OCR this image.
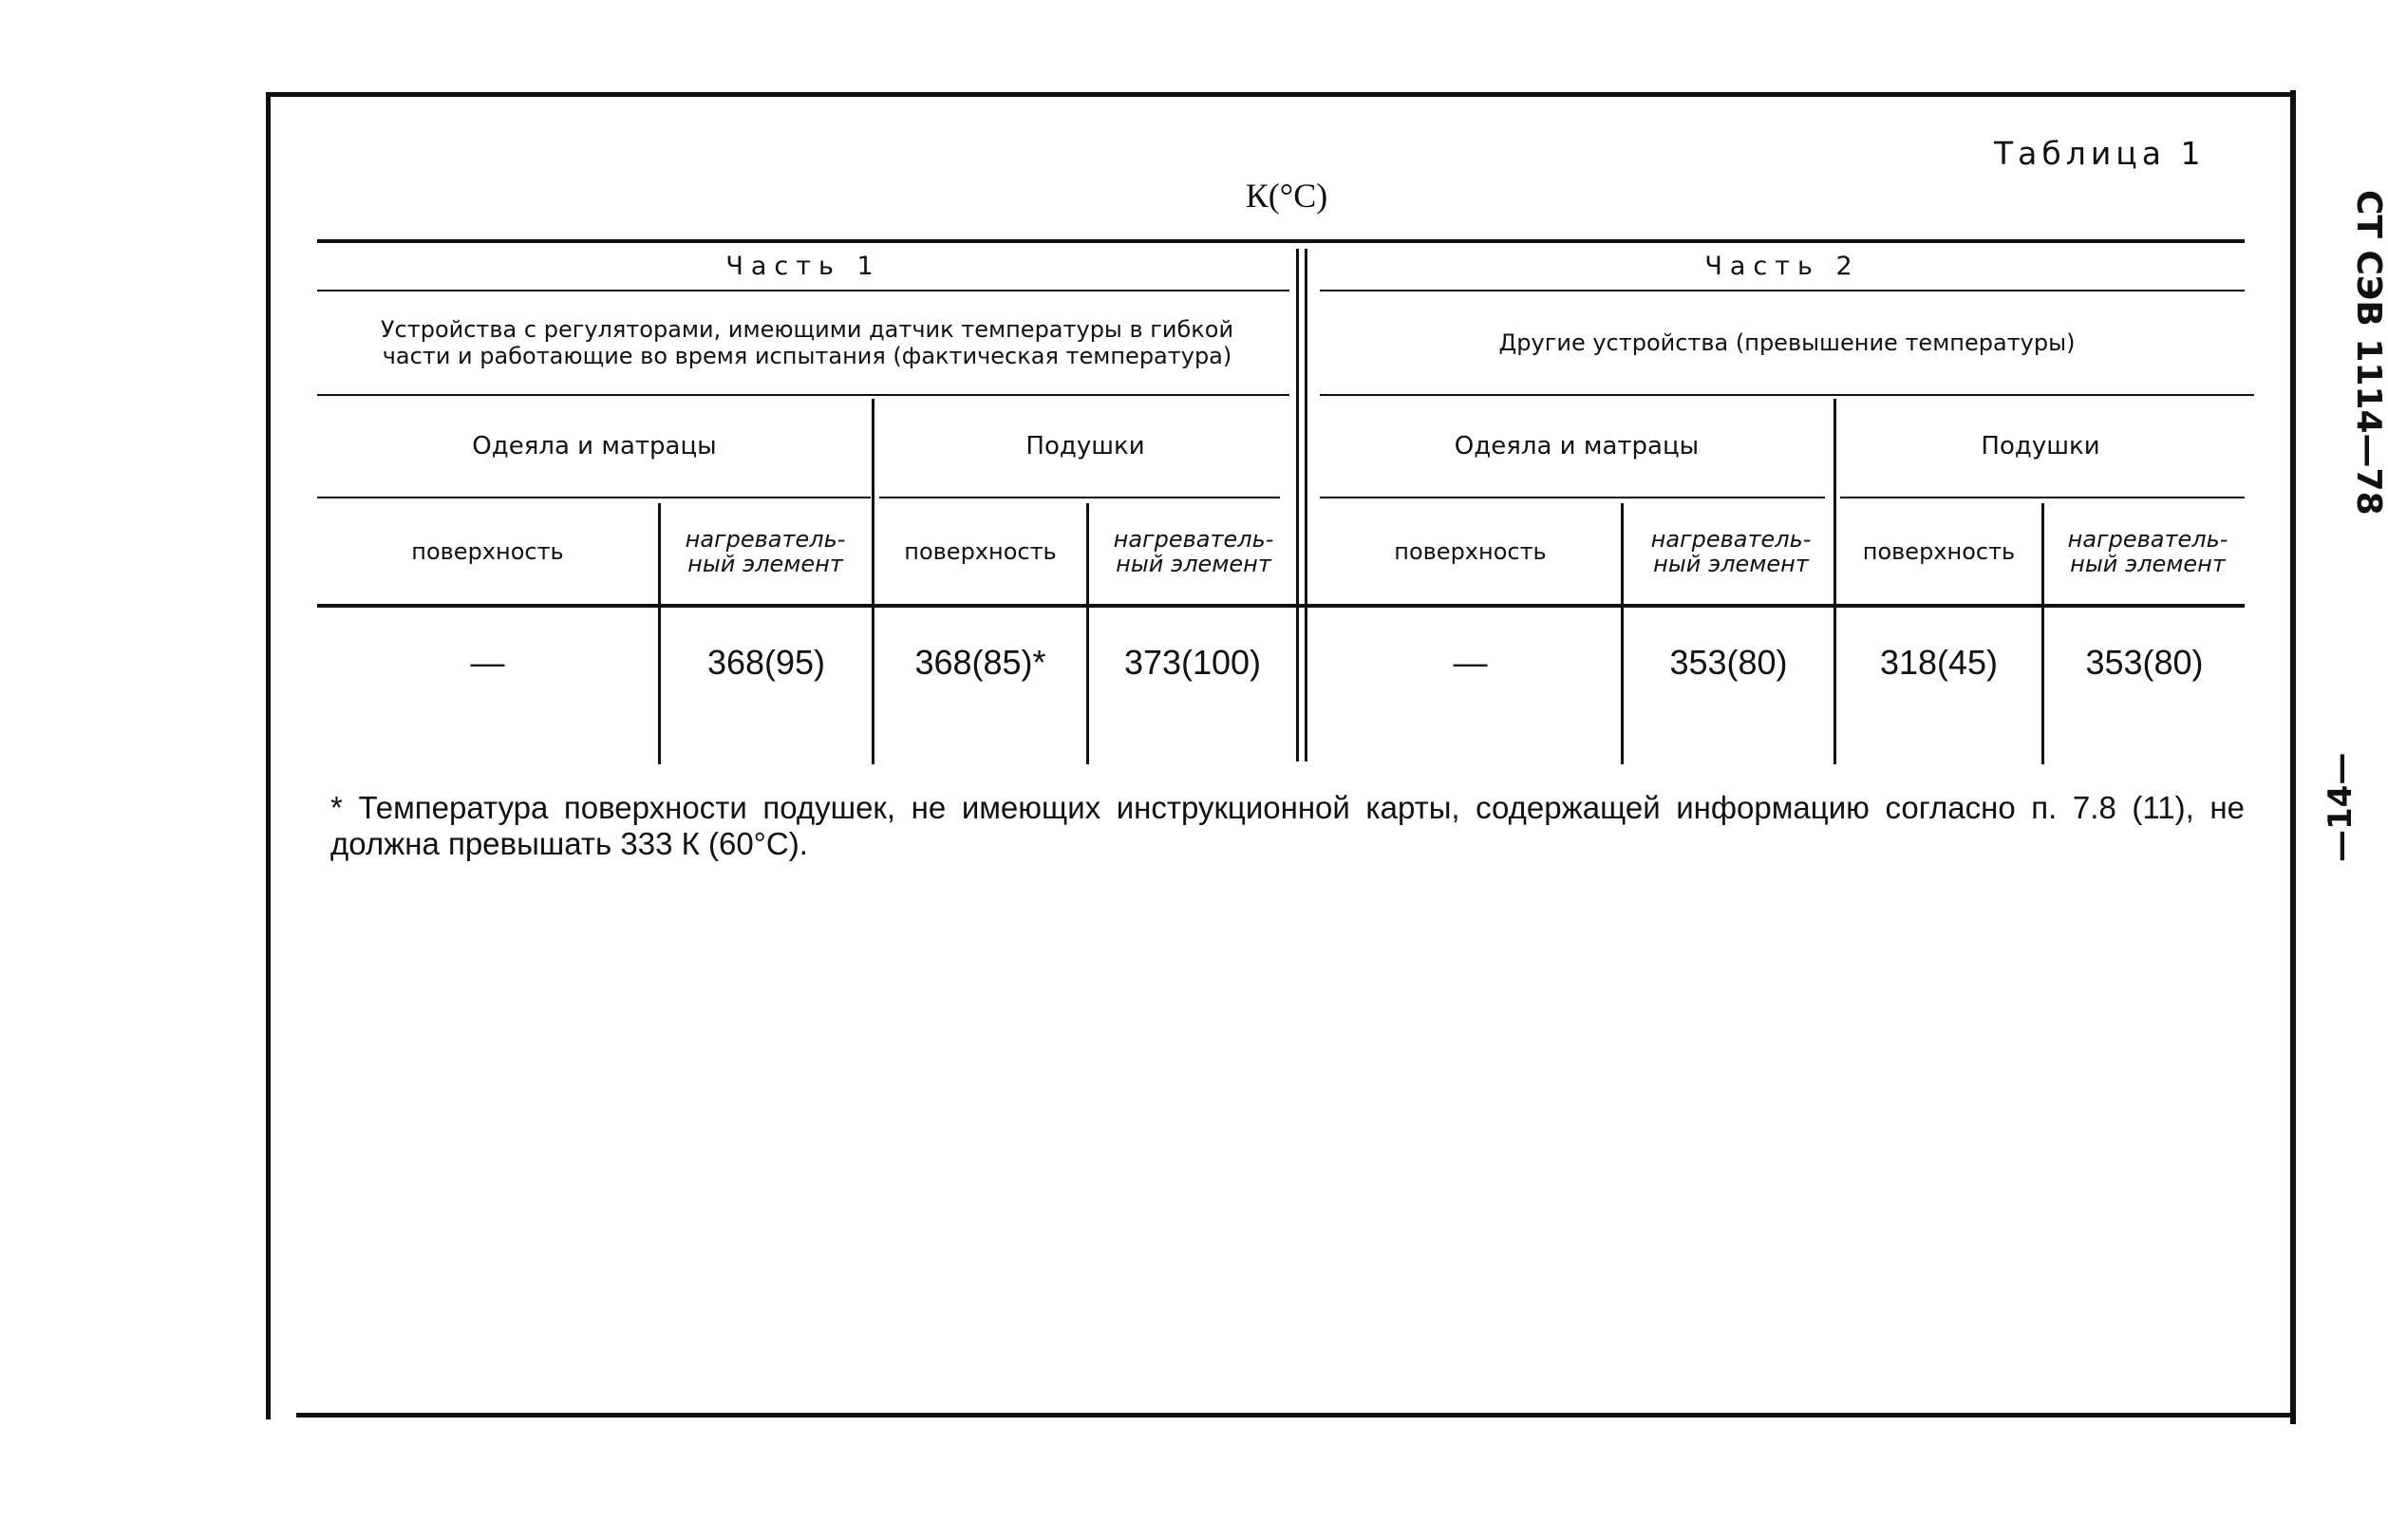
СТ СЭВ 1114—78
—14—
Таблица 1
К(°С)
Часть 1	Часть 2
Устройства с регуляторами, имеющими датчик температуры в гибкой части и работающие во время испытания (фактическая температура)	Другие устройства (превышение температуры)
Одеяла и матрацы	Подушки	Одеяла и матрацы	Подушки
поверхность	нагреватель-ный элемент	поверхность	нагреватель-ный элемент	поверхность	нагреватель-ный элемент	поверхность	нагреватель-ный элемент
—	368(95)	368(85)*	373(100)	—	353(80)	318(45)	353(80)
* Температура поверхности подушек, не имеющих инструкционной карты, содержащей информацию согласно п. 7.8 (11), не должна превышать 333 К (60°С).
